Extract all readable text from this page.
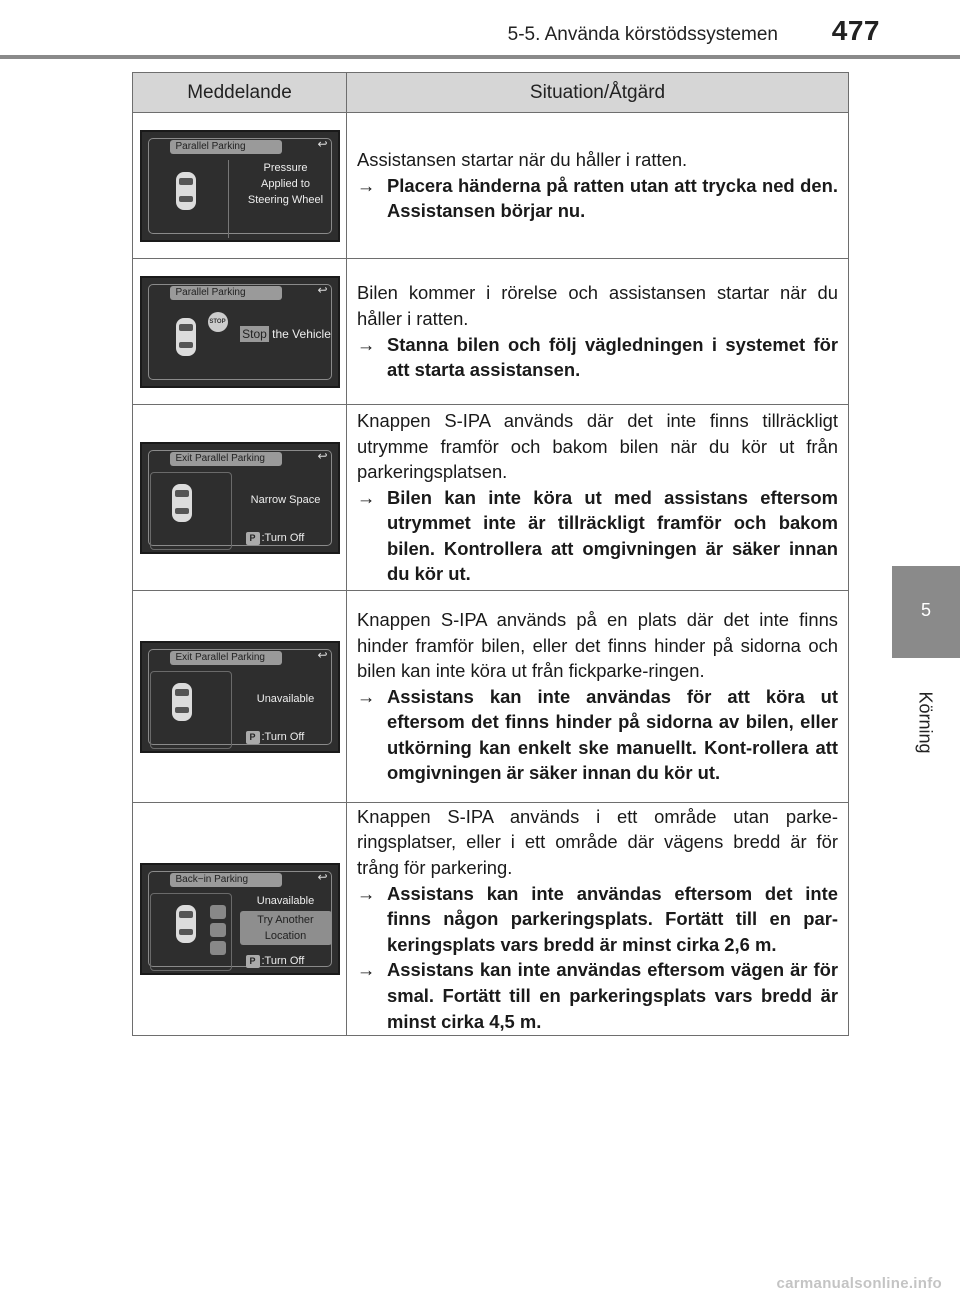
5-5. Använda körstödssystemen 477
5
Körning
Meddelande	Situation/Åtgärd
Parallel Parking	↩
Pressure
Applied to
Steering Wheel
Assistansen startar när du håller i ratten.
→ Placera händerna på ratten utan att trycka ned den. Assistansen börjar nu.
Parallel Parking	↩
STOP
Stop the Vehicle
Bilen kommer i rörelse och assistansen startar när du håller i ratten.
→ Stanna bilen och följ vägledningen i systemet för att starta assistansen.
Exit Parallel Parking	↩
Narrow Space
P :Turn Off
Knappen S-IPA används där det inte finns tillräckligt utrymme framför och bakom bilen när du kör ut från parkeringsplatsen.
→ Bilen kan inte köra ut med assistans eftersom utrymmet inte är tillräckligt framför och bakom bilen. Kontrollera att omgivningen är säker innan du kör ut.
Exit Parallel Parking	↩
Unavailable
P :Turn Off
Knappen S-IPA används på en plats där det inte finns hinder framför bilen, eller det finns hinder på sidorna och bilen kan inte köra ut från fickparke-ringen.
→ Assistans kan inte användas för att köra ut eftersom det finns hinder på sidorna av bilen, eller utkörning kan enkelt ske manuellt. Kont-rollera att omgivningen är säker innan du kör ut.
Back−in Parking	↩
Unavailable
Try Another
Location
P :Turn Off
Knappen S-IPA används i ett område utan parke-ringsplatser, eller i ett område där vägens bredd är för trång för parkering.
→ Assistans kan inte användas eftersom det inte finns någon parkeringsplats. Fortätt till en par-keringsplats vars bredd är minst cirka 2,6 m.
→ Assistans kan inte användas eftersom vägen är för smal. Fortätt till en parkeringsplats vars bredd är minst cirka 4,5 m.
carmanualsonline.info
